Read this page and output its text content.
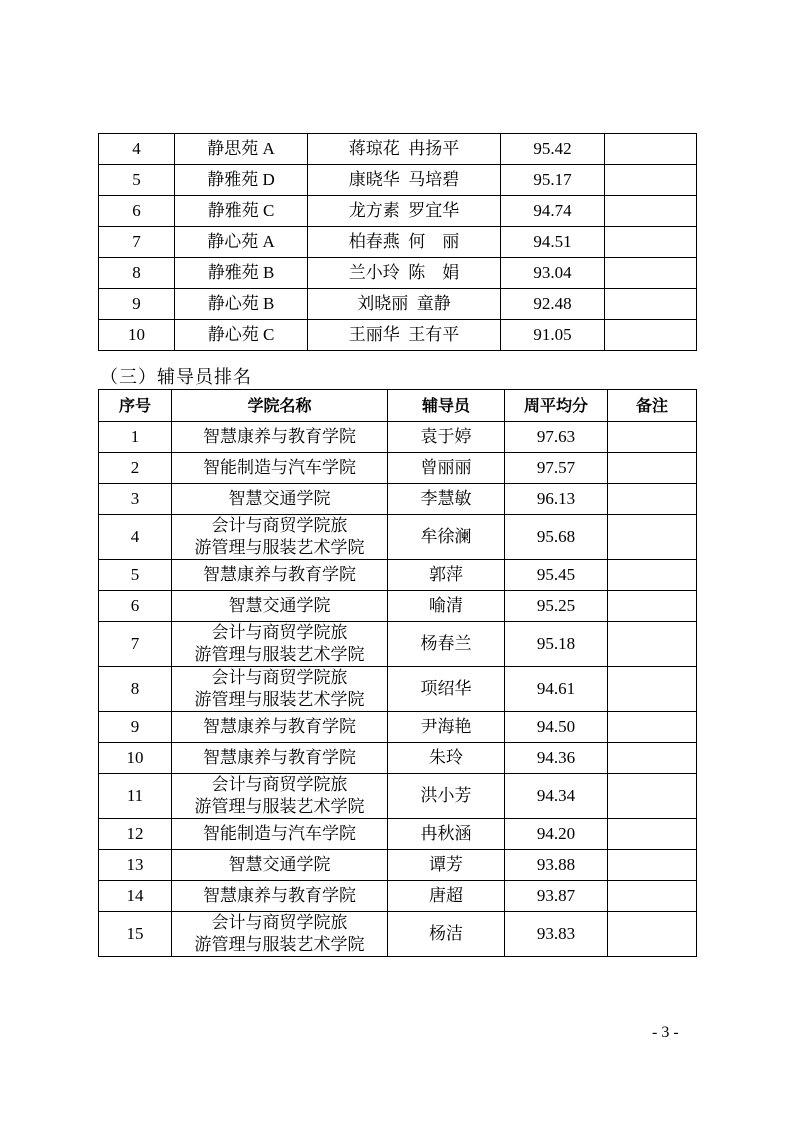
4	静思苑 A	蒋琼花  冉扬平	95.42	
5	静雅苑 D	康晓华  马培碧	95.17	
6	静雅苑 C	龙方素  罗宜华	94.74	
7	静心苑 A	柏春燕  何    丽	94.51	
8	静雅苑 B	兰小玲  陈    娟	93.04	
9	静心苑 B	刘晓丽  童静	92.48	
10	静心苑 C	王丽华  王有平	91.05	
（三）辅导员排名
序号	学院名称	辅导员	周平均分	备注
1	智慧康养与教育学院	袁于婷	97.63	
2	智能制造与汽车学院	曾丽丽	97.57	
3	智慧交通学院	李慧敏	96.13	
4	会计与商贸学院旅
游管理与服装艺术学院	牟徐澜	95.68	
5	智慧康养与教育学院	郭萍	95.45	
6	智慧交通学院	喻清	95.25	
7	会计与商贸学院旅
游管理与服装艺术学院	杨春兰	95.18	
8	会计与商贸学院旅
游管理与服装艺术学院	项绍华	94.61	
9	智慧康养与教育学院	尹海艳	94.50	
10	智慧康养与教育学院	朱玲	94.36	
11	会计与商贸学院旅
游管理与服装艺术学院	洪小芳	94.34	
12	智能制造与汽车学院	冉秋涵	94.20	
13	智慧交通学院	谭芳	93.88	
14	智慧康养与教育学院	唐超	93.87	
15	会计与商贸学院旅
游管理与服装艺术学院	杨洁	93.83	
- 3 -
